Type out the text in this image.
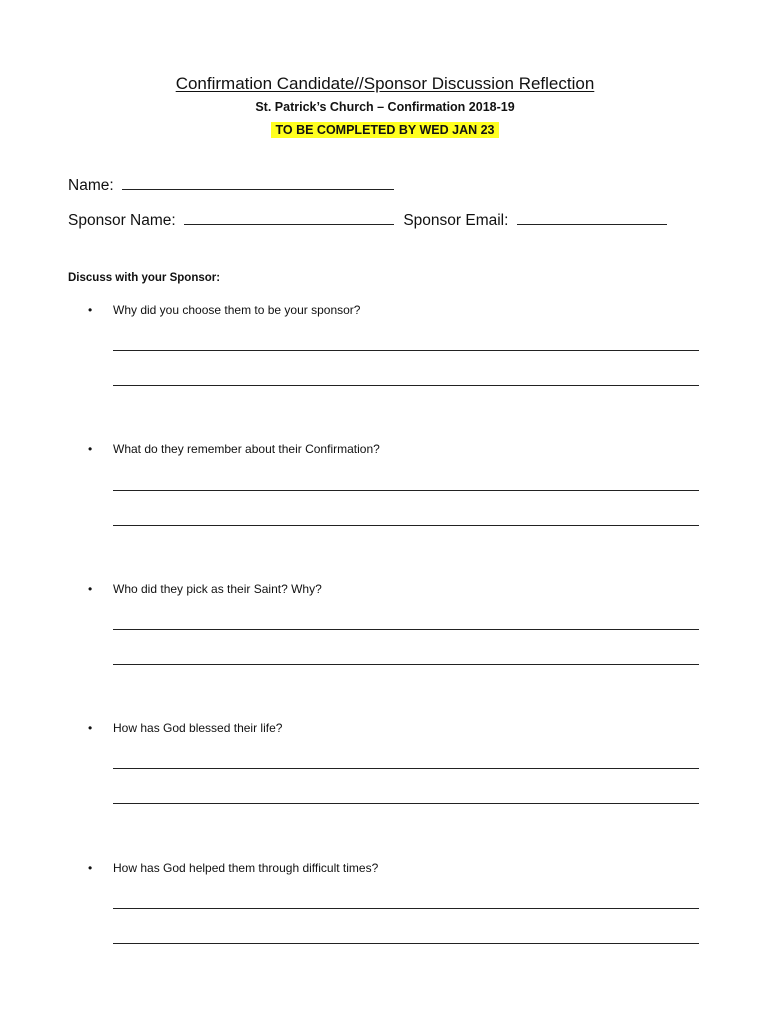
Confirmation Candidate//Sponsor Discussion Reflection
St. Patrick’s Church – Confirmation 2018-19
TO BE COMPLETED BY WED JAN 23
Name:
Sponsor Name:	Sponsor Email:
Discuss with your Sponsor:
• Why did you choose them to be your sponsor?
• What do they remember about their Confirmation?
• Who did they pick as their Saint? Why?
• How has God blessed their life?
• How has God helped them through difficult times?
